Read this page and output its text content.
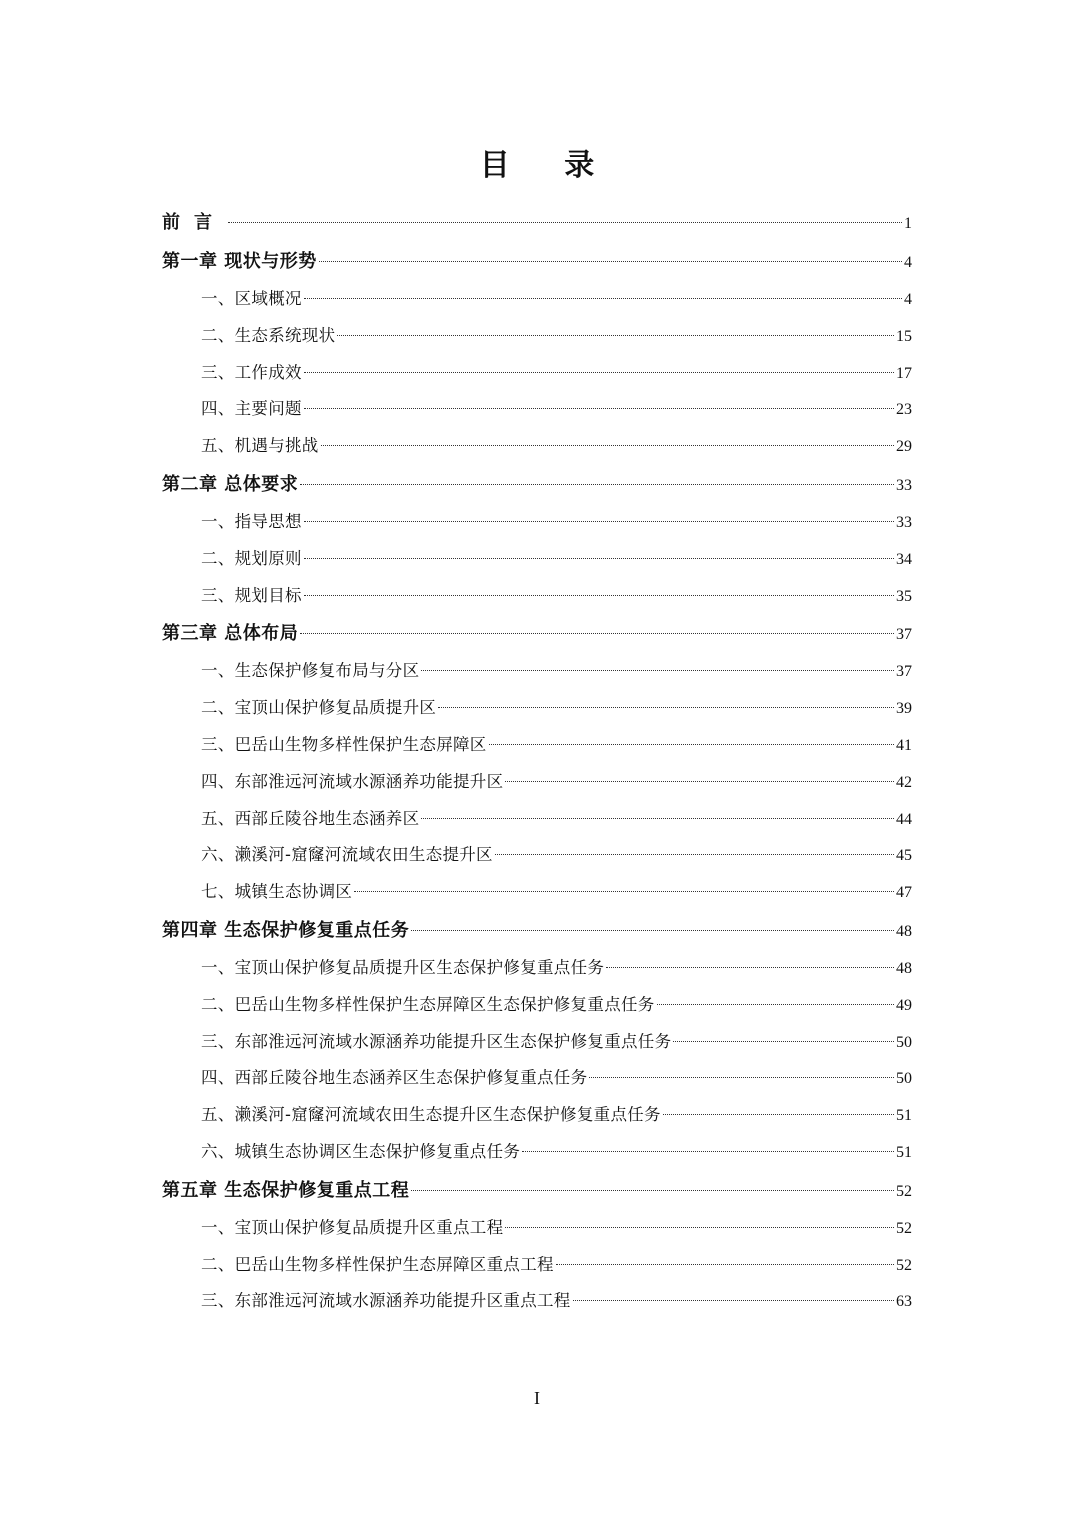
目 录
前言	1
第一章 现状与形势	4
一、区域概况	4
二、生态系统现状	15
三、工作成效	17
四、主要问题	23
五、机遇与挑战	29
第二章 总体要求	33
一、指导思想	33
二、规划原则	34
三、规划目标	35
第三章 总体布局	37
一、生态保护修复布局与分区	37
二、宝顶山保护修复品质提升区	39
三、巴岳山生物多样性保护生态屏障区	41
四、东部淮远河流域水源涵养功能提升区	42
五、西部丘陵谷地生态涵养区	44
六、濑溪河-窟窿河流域农田生态提升区	45
七、城镇生态协调区	47
第四章 生态保护修复重点任务	48
一、宝顶山保护修复品质提升区生态保护修复重点任务	48
二、巴岳山生物多样性保护生态屏障区生态保护修复重点任务	49
三、东部淮远河流域水源涵养功能提升区生态保护修复重点任务	50
四、西部丘陵谷地生态涵养区生态保护修复重点任务	50
五、濑溪河-窟窿河流域农田生态提升区生态保护修复重点任务	51
六、城镇生态协调区生态保护修复重点任务	51
第五章 生态保护修复重点工程	52
一、宝顶山保护修复品质提升区重点工程	52
二、巴岳山生物多样性保护生态屏障区重点工程	52
三、东部淮远河流域水源涵养功能提升区重点工程	63
I
